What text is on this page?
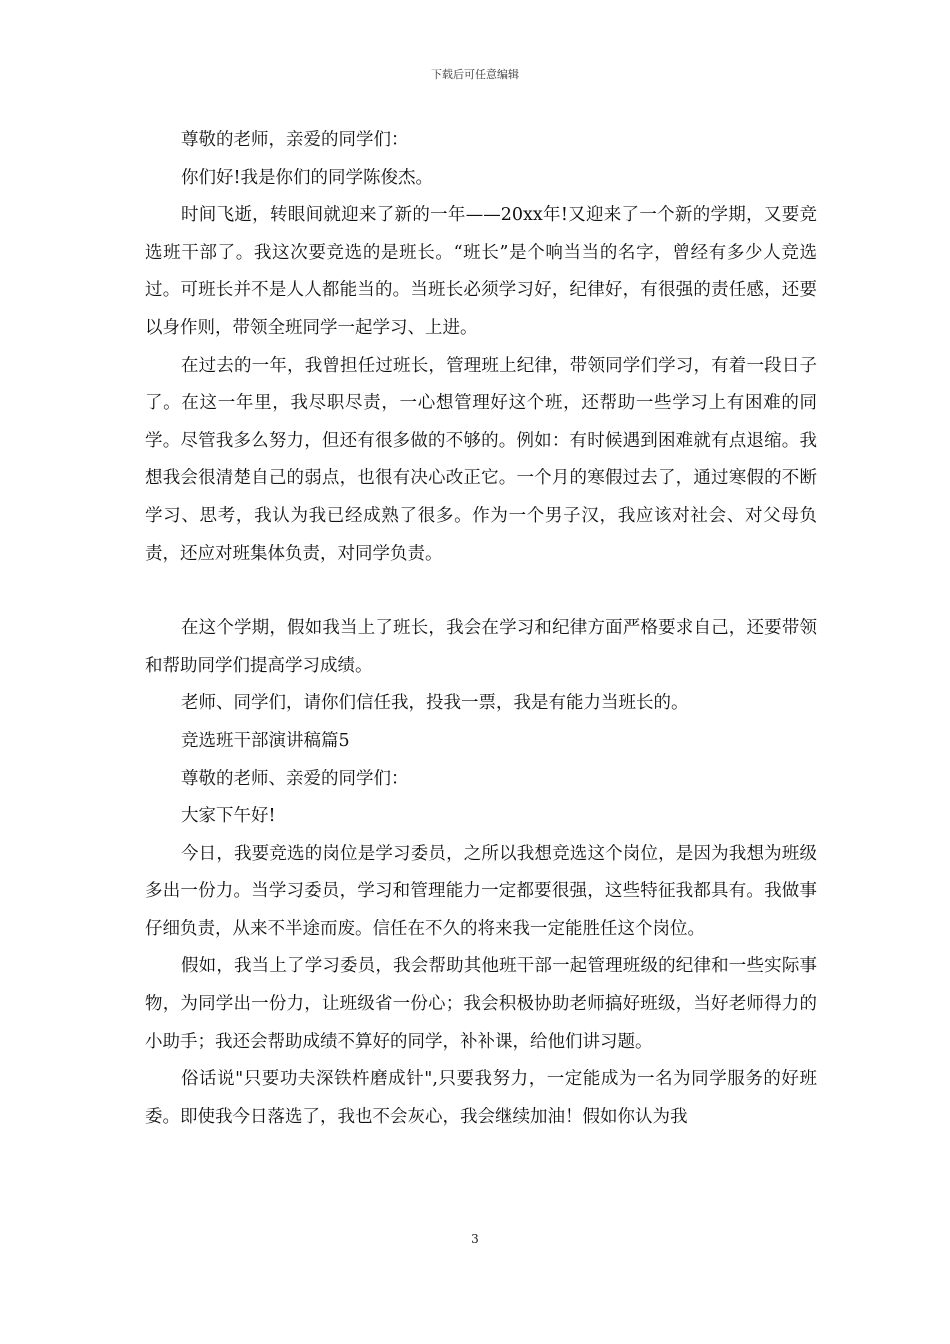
下载后可任意编辑

尊敬的老师，亲爱的同学们：

你们好!我是你们的同学陈俊杰。

时间飞逝，转眼间就迎来了新的一年——20xx年!又迎来了一个新的学期，又要竞选班干部了。我这次要竞选的是班长。“班长”是个响当当的名字，曾经有多少人竞选过。可班长并不是人人都能当的。当班长必须学习好，纪律好，有很强的责任感，还要以身作则，带领全班同学一起学习、上进。

在过去的一年，我曾担任过班长，管理班上纪律，带领同学们学习，有着一段日子了。在这一年里，我尽职尽责，一心想管理好这个班，还帮助一些学习上有困难的同学。尽管我多么努力，但还有很多做的不够的。例如：有时候遇到困难就有点退缩。我想我会很清楚自己的弱点，也很有决心改正它。一个月的寒假过去了，通过寒假的不断学习、思考，我认为我已经成熟了很多。作为一个男子汉，我应该对社会、对父母负责，还应对班集体负责，对同学负责。

在这个学期，假如我当上了班长，我会在学习和纪律方面严格要求自己，还要带领和帮助同学们提高学习成绩。

老师、同学们，请你们信任我，投我一票，我是有能力当班长的。

竞选班干部演讲稿篇5

尊敬的老师、亲爱的同学们：

大家下午好!

今日，我要竞选的岗位是学习委员，之所以我想竞选这个岗位，是因为我想为班级多出一份力。当学习委员，学习和管理能力一定都要很强，这些特征我都具有。我做事仔细负责，从来不半途而废。信任在不久的将来我一定能胜任这个岗位。

假如，我当上了学习委员，我会帮助其他班干部一起管理班级的纪律和一些实际事物，为同学出一份力，让班级省一份心；我会积极协助老师搞好班级，当好老师得力的小助手；我还会帮助成绩不算好的同学，补补课，给他们讲习题。

俗话说"只要功夫深铁杵磨成针",只要我努力，一定能成为一名为同学服务的好班委。即使我今日落选了，我也不会灰心，我会继续加油！假如你认为我

3
